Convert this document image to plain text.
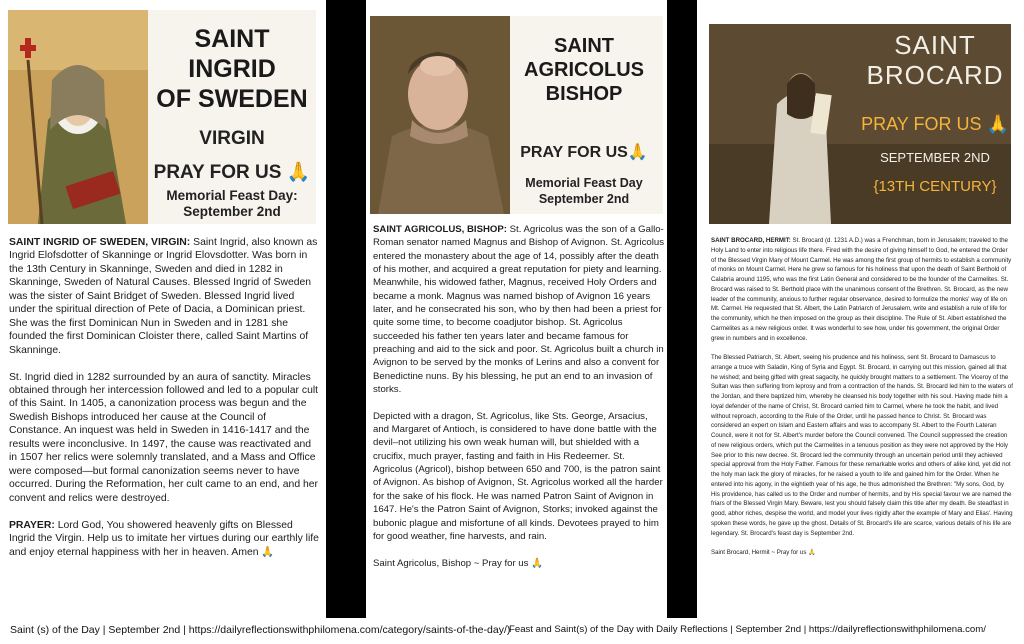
SAINT
INGRID
OF SWEDEN
VIRGIN
PRAY FOR US 🙏
Memorial Feast Day:
September 2nd

SAINT INGRID OF SWEDEN, VIRGIN: Saint Ingrid, also known as Ingrid Elofsdotter of Skanninge or Ingrid Elovsdotter. Was born in the 13th Century in Skanninge, Sweden and died in 1282 in Skanninge, Sweden of Natural Causes. Blessed Ingrid of Sweden was the sister of Saint Bridget of Sweden. Blessed Ingrid lived under the spiritual direction of Pete of Dacia, a Dominican priest. She was the first Dominican Nun in Sweden and in 1281 she founded the first Dominican Cloister there, called Saint Martins of Skanninge.

St. Ingrid died in 1282 surrounded by an aura of sanctity. Miracles obtained through her intercession followed and led to a popular cult of this Saint. In 1405, a canonization process was begun and the Swedish Bishops introduced her cause at the Council of Constance. An inquest was held in Sweden in 1416-1417 and the results were inconclusive. In 1497, the cause was reactivated and in 1507 her relics were solemnly translated, and a Mass and Office were composed—but formal canonization seems never to have occurred. During the Reformation, her cult came to an end, and her convent and relics were destroyed.

PRAYER: Lord God, You showered heavenly gifts on Blessed Ingrid the Virgin. Help us to imitate her virtues during our earthly life and enjoy eternal happiness with her in heaven. Amen 🙏

SAINT
AGRICOLUS
BISHOP
PRAY FOR US🙏
Memorial Feast Day
September 2nd

SAINT AGRICOLUS, BISHOP: St. Agricolus was the son of a Gallo-Roman senator named Magnus and Bishop of Avignon. St. Agricolus entered the monastery about the age of 14, possibly after the death of his mother, and acquired a great reputation for piety and learning. Meanwhile, his widowed father, Magnus, received Holy Orders and became a monk. Magnus was named bishop of Avignon 16 years later, and he consecrated his son, who by then had been a priest for quite some time, to become coadjutor bishop. St. Agricolus succeeded his father ten years later and became famous for preaching and aid to the sick and poor. St. Agricolus built a church in Avignon to be served by the monks of Lerins and also a convent for Benedictine nuns. By his blessing, he put an end to an invasion of storks.

Depicted with a dragon, St. Agricolus, like Sts. George, Arsacius, and Margaret of Antioch, is considered to have done battle with the devil–not utilizing his own weak human will, but shielded with a crucifix, much prayer, fasting and faith in His Redeemer. St. Agricolus (Agricol), bishop between 650 and 700, is the patron saint of Avignon. As bishop of Avignon, St. Agricolus worked all the harder for the sake of his flock. He was named Patron Saint of Avignon in 1647. He's the Patron Saint of Avignon, Storks; invoked against the bubonic plague and misfortune of all kinds. Devotees prayed to him for good weather, fine harvests, and rain.

Saint Agricolus, Bishop ~ Pray for us 🙏

SAINT
BROCARD
PRAY FOR US 🙏
SEPTEMBER 2ND
{13TH CENTURY}

SAINT BROCARD, HERMIT: St. Brocard (d. 1231 A.D.) was a Frenchman, born in Jerusalem; traveled to the Holy Land to enter into religious life there. Fired with the desire of giving himself to God, he entered the Order of the Blessed Virgin Mary of Mount Carmel. He was among the first group of hermits to establish a community of monks on Mount Carmel. Here he grew so famous for his holiness that upon the death of Saint Berthold of Calabria around 1195, who was the first Latin General and considered to be the founder of the Carmelites. St. Brocard was raised to St. Berthold place with the unanimous consent of the Brethren. St. Brocard, as the new leader of the community, anxious to further regular observance, desired to formulize the monks' way of life on Mt. Carmel. He requested that St. Albert, the Latin Patriarch of Jerusalem, write and establish a rule of life for the community, which he then imposed on the group as their discipline. The Rule of St. Albert established the Carmelites as a new religious order. It was wonderful to see how, under his government, the original Order grew in numbers and in excellence.

The Blessed Patriarch, St. Albert, seeing his prudence and his holiness, sent St. Brocard to Damascus to arrange a truce with Saladin, King of Syria and Egypt. St. Brocard, in carrying out this mission, gained all that he wished; and being gifted with great sagacity, he quickly brought matters to a settlement. The Viceroy of the Sultan was then suffering from leprosy and from a contraction of the hands. St. Brocard led him to the waters of the Jordan, and there baptized him, whereby he cleansed his body together with his soul. Having made him a loyal defender of the name of Christ, St. Brocard carried him to Carmel, where he took the habit, and lived without reproach, according to the Rule of the Order, until he passed hence to Christ. St. Brocard was considered an expert on Islam and Eastern affairs and was to accompany St. Albert to the Fourth Lateran Council, were it not for St. Albert's murder before the Council convened. The Council suppressed the creation of new religious orders, which put the Carmelites in a tenuous position as they were not approved by the Holy See prior to this new decree. St. Brocard led the community through an uncertain period until they achieved special approval from the Holy Father. Famous for these remarkable works and others of alike kind, yet did not the holy man lack the glory of miracles, for he raised a youth to life and gained him for the Order. When he entered into his agony, in the eightieth year of his age, he thus admonished the Brethren: "My sons, God, by His providence, has called us to the Order and number of hermits, and by His special favour we are named the friars of the Blessed Virgin Mary. Beware, lest you should falsely claim this title after my death. Be steadfast in good, abhor riches, despise the world, and model your lives rigidly after the example of Mary and Elias'. Having spoken these words, he gave up the ghost. Details of St. Brocard's life are scarce, various details of his life are legendary. St. Brocard's feast day is September 2nd.

Saint Brocard, Hermit ~ Pray for us 🙏

Saint (s) of the Day | September 2nd | https://dailyreflectionswithphilomena.com/category/saints-of-the-day/)
Feast and Saint(s) of the Day with Daily Reflections | September 2nd | https://dailyreflectionswithphilomena.com/
